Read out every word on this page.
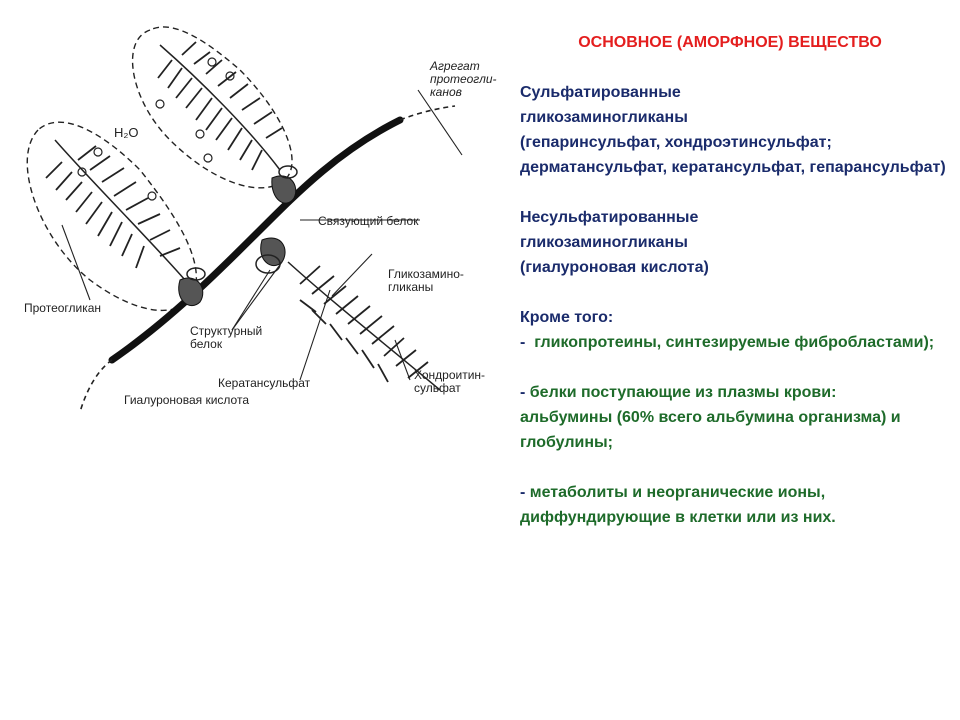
Агрегат
протеогли-
канов
H₂O
Связующий белок
Гликозамино-
гликаны
Протеогликан
Структурный
белок
Кератансульфат
Хондроитин-
сульфат
Гиалуроновая кислота

ОСНОВНОЕ (АМОРФНОЕ) ВЕЩЕСТВО

Сульфатированные гликозаминогликаны

(гепаринсульфат, хондроэтинсульфат; дерматансульфат, кератансульфат, гепарансульфат)

Несульфатированные гликозаминогликаны

(гиалуроновая кислота)

Кроме того:

- гликопротеины, синтезируемые фибробластами);

- белки поступающие из плазмы крови:

альбумины (60% всего альбумина организма) и глобулины;

- метаболиты и неорганические ионы, диффундирующие в клетки или из них.
